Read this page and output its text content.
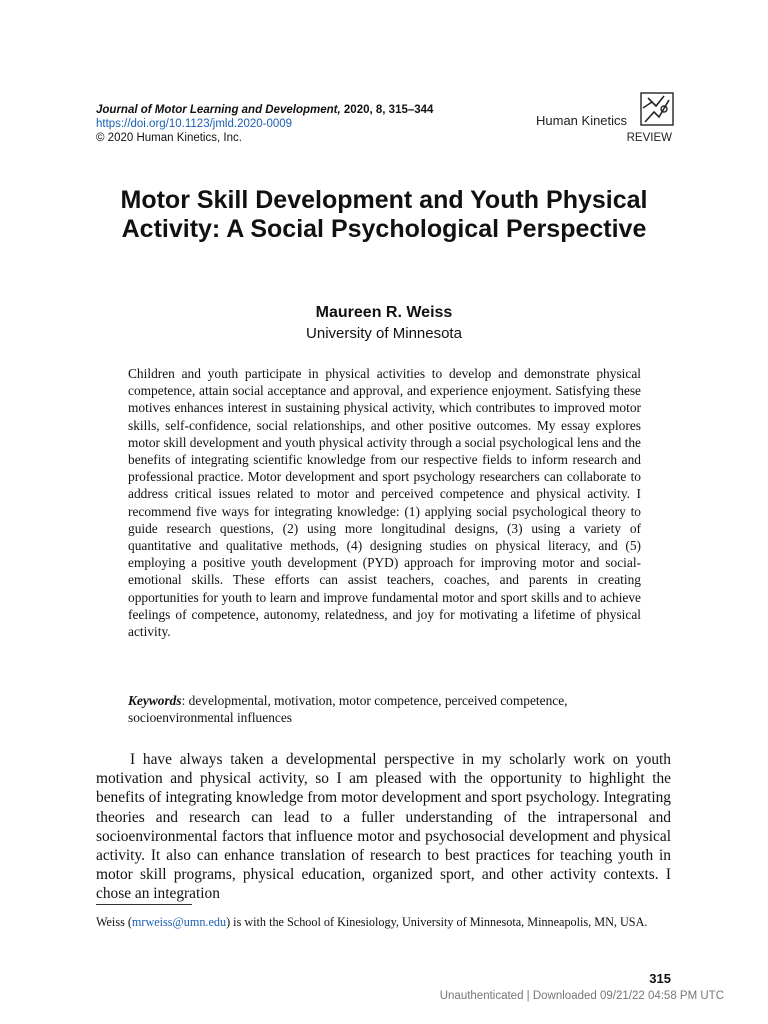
Journal of Motor Learning and Development, 2020, 8, 315–344
https://doi.org/10.1123/jmld.2020-0009
© 2020 Human Kinetics, Inc.
Human Kinetics
REVIEW
Motor Skill Development and Youth Physical Activity: A Social Psychological Perspective
Maureen R. Weiss
University of Minnesota

Children and youth participate in physical activities to develop and demonstrate physical competence, attain social acceptance and approval, and experience enjoyment. Satisfying these motives enhances interest in sustaining physical activity, which contributes to improved motor skills, self-confidence, social relationships, and other positive outcomes. My essay explores motor skill development and youth physical activity through a social psychological lens and the benefits of integrating scientific knowledge from our respective fields to inform research and professional practice. Motor development and sport psychology researchers can collaborate to address critical issues related to motor and perceived competence and physical activity. I recommend five ways for integrating knowledge: (1) applying social psychological theory to guide research questions, (2) using more longitudinal designs, (3) using a variety of quantitative and qualitative methods, (4) designing studies on physical literacy, and (5) employing a positive youth development (PYD) approach for improving motor and social-emotional skills. These efforts can assist teachers, coaches, and parents in creating opportunities for youth to learn and improve fundamental motor and sport skills and to achieve feelings of competence, autonomy, relatedness, and joy for motivating a lifetime of physical activity.

Keywords: developmental, motivation, motor competence, perceived competence, socioenvironmental influences

I have always taken a developmental perspective in my scholarly work on youth motivation and physical activity, so I am pleased with the opportunity to highlight the benefits of integrating knowledge from motor development and sport psychology. Integrating theories and research can lead to a fuller understanding of the intrapersonal and socioenvironmental factors that influence motor and psychosocial development and physical activity. It also can enhance translation of research to best practices for teaching youth in motor skill programs, physical education, organized sport, and other activity contexts. I chose an integration

Weiss (mrweiss@umn.edu) is with the School of Kinesiology, University of Minnesota, Minneapolis, MN, USA.

315
Unauthenticated | Downloaded 09/21/22 04:58 PM UTC
